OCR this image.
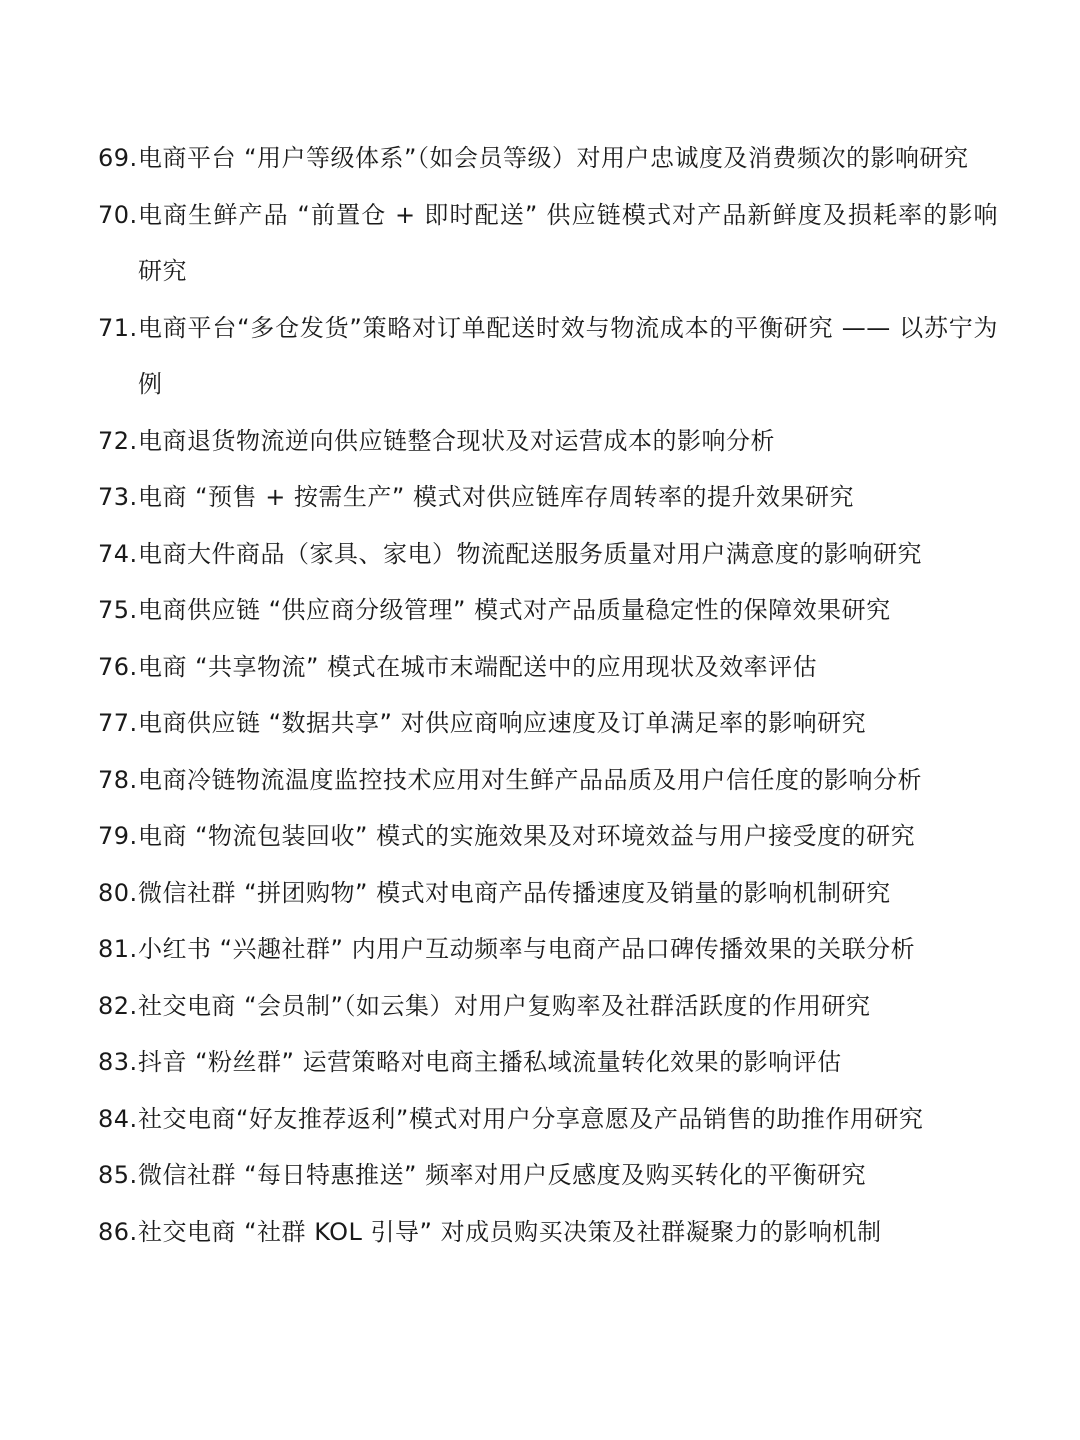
69. 电商平台 “用户等级体系”（如会员等级）对用户忠诚度及消费频次的影响研究
70. 电商生鲜产品 “前置仓 + 即时配送” 供应链模式对产品新鲜度及损耗率的影响研究
71. 电商平台“多仓发货”策略对订单配送时效与物流成本的平衡研究 —— 以苏宁为例
72. 电商退货物流逆向供应链整合现状及对运营成本的影响分析
73. 电商 “预售 + 按需生产” 模式对供应链库存周转率的提升效果研究
74. 电商大件商品（家具、家电）物流配送服务质量对用户满意度的影响研究
75. 电商供应链 “供应商分级管理” 模式对产品质量稳定性的保障效果研究
76. 电商 “共享物流” 模式在城市末端配送中的应用现状及效率评估
77. 电商供应链 “数据共享” 对供应商响应速度及订单满足率的影响研究
78. 电商冷链物流温度监控技术应用对生鲜产品品质及用户信任度的影响分析
79. 电商 “物流包装回收” 模式的实施效果及对环境效益与用户接受度的研究
80. 微信社群 “拼团购物” 模式对电商产品传播速度及销量的影响机制研究
81. 小红书 “兴趣社群” 内用户互动频率与电商产品口碑传播效果的关联分析
82. 社交电商 “会员制”（如云集）对用户复购率及社群活跃度的作用研究
83. 抖音 “粉丝群” 运营策略对电商主播私域流量转化效果的影响评估
84. 社交电商“好友推荐返利”模式对用户分享意愿及产品销售的助推作用研究
85. 微信社群 “每日特惠推送” 频率对用户反感度及购买转化的平衡研究
86. 社交电商 “社群 KOL 引导” 对成员购买决策及社群凝聚力的影响机制
